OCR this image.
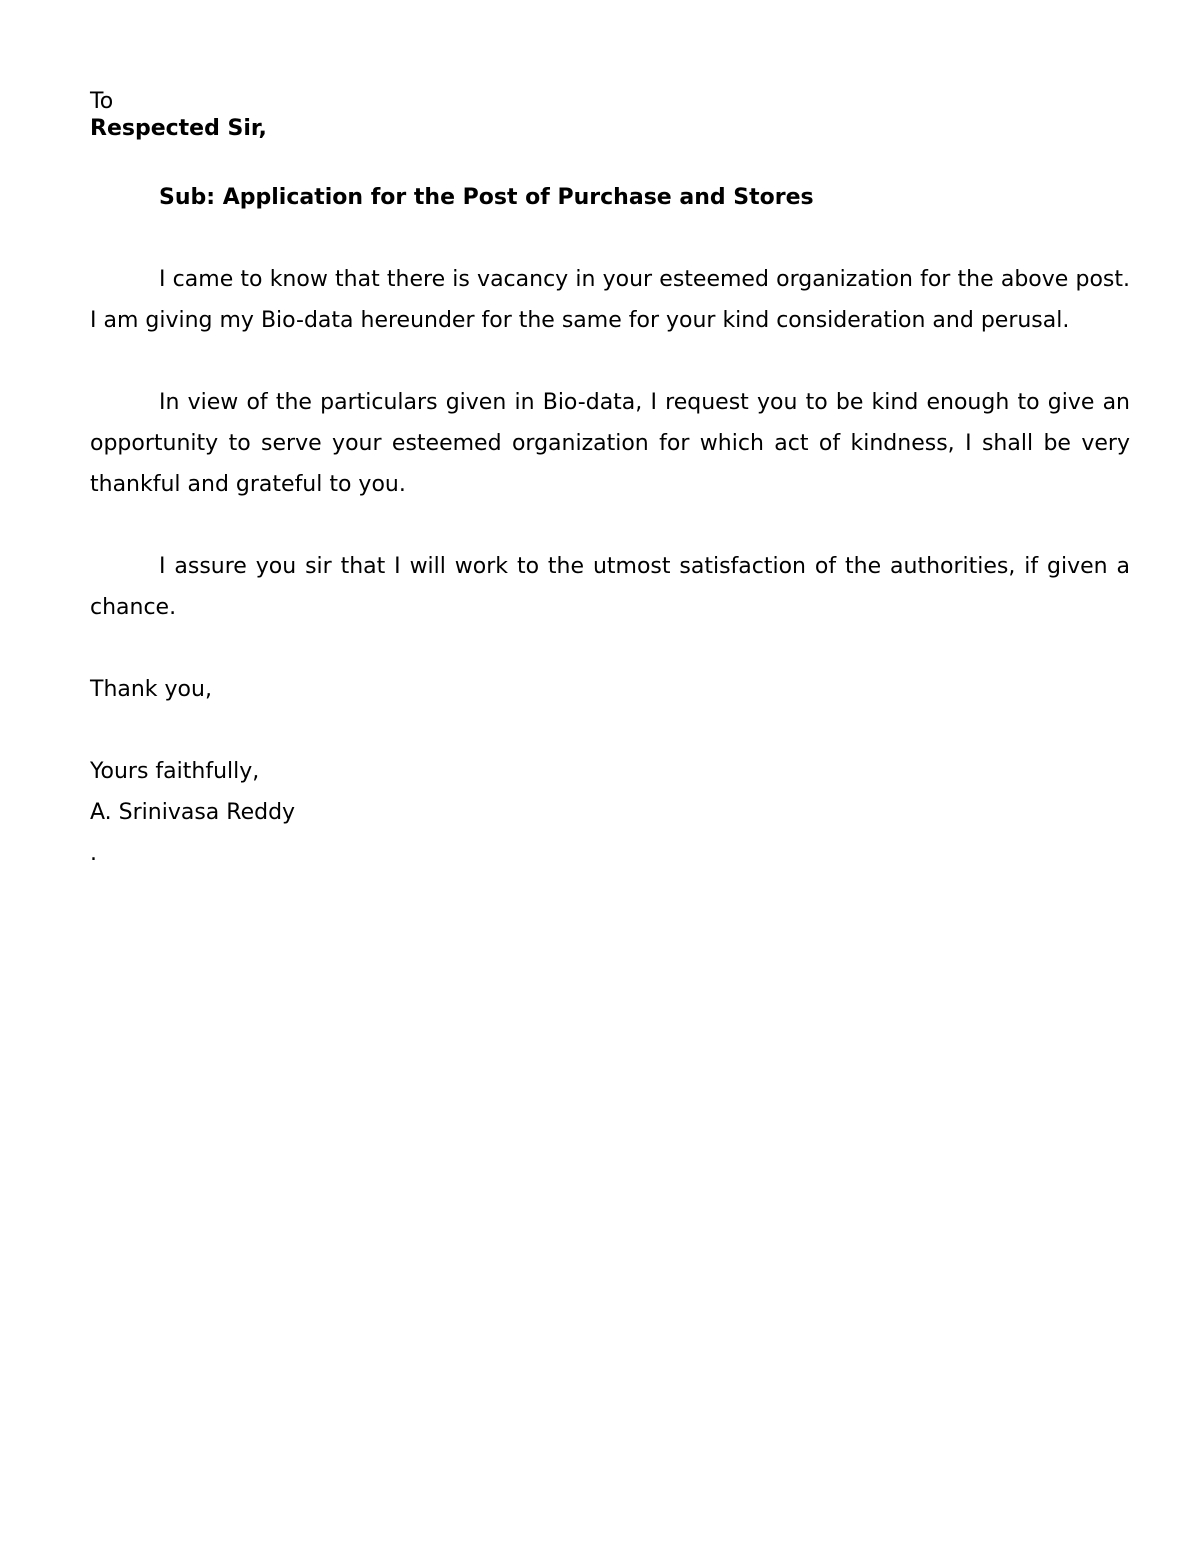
To
Respected Sir,
Sub: Application for the Post of Purchase and Stores

I came to know that there is vacancy in your esteemed organization for the above post. I am giving my Bio-data hereunder for the same for your kind consideration and perusal.

In view of the particulars given in Bio-data, I request you to be kind enough to give an opportunity to serve your esteemed organization for which act of kindness, I shall be very thankful and grateful to you.

I assure you sir that I will work to the utmost satisfaction of the authorities, if given a chance.

Thank you,
Yours faithfully,
A. Srinivasa Reddy
.
